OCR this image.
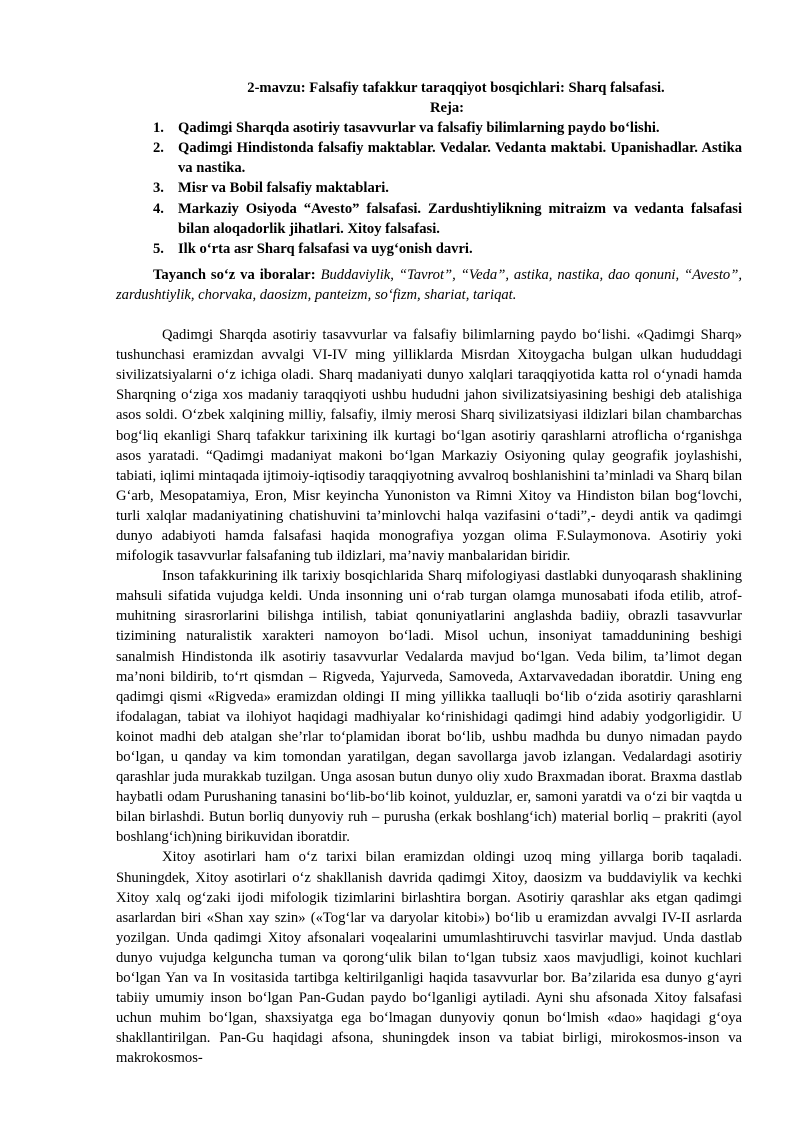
2-mavzu: Falsafiy tafakkur taraqqiyot bosqichlari: Sharq falsafasi.
Reja:
1. Qadimgi Sharqda asotiriy tasavvurlar va falsafiy bilimlarning paydo bo‘lishi.
2. Qadimgi Hindistonda falsafiy maktablar. Vedalar. Vedanta maktabi. Upanishadlar. Astika va nastika.
3. Misr va Bobil falsafiy maktablari.
4. Markaziy Osiyoda “Avesto” falsafasi. Zardushtiylikning mitraizm va vedanta falsafasi bilan aloqadorlik jihatlari. Xitoy falsafasi.
5. Ilk o‘rta asr Sharq falsafasi va uyg‘onish davri.
Tayanch so‘z va iboralar: Buddaviylik, “Tavrot”, “Veda”, astika, nastika, dao qonuni, “Avesto”, zardushtiylik, chorvaka, daosizm, panteizm, so‘fizm, shariat, tariqat.

Qadimgi Sharqda asotiriy tasavvurlar va falsafiy bilimlarning paydo bo‘lishi. «Qadimgi Sharq» tushunchasi eramizdan avvalgi VI-IV ming yilliklarda Misrdan Xitoygacha bulgan ulkan hududdagi sivilizatsiyalarni o‘z ichiga oladi. Sharq madaniyati dunyo xalqlari taraqqiyotida katta rol o‘ynadi hamda Sharqning o‘ziga xos madaniy taraqqiyoti ushbu hududni jahon sivilizatsiyasining beshigi deb atalishiga asos soldi. O‘zbek xalqining milliy, falsafiy, ilmiy merosi Sharq sivilizatsiyasi ildizlari bilan chambarchas bog‘liq ekanligi Sharq tafakkur tarixining ilk kurtagi bo‘lgan asotiriy qarashlarni atroflicha o‘rganishga asos yaratadi. “Qadimgi madaniyat makoni bo‘lgan Markaziy Osiyoning qulay geografik joylashishi, tabiati, iqlimi mintaqada ijtimoiy-iqtisodiy taraqqiyotning avvalroq boshlanishini ta’minladi va Sharq bilan G‘arb, Mesopatamiya, Eron, Misr keyincha Yunoniston va Rimni Xitoy va Hindiston bilan bog‘lovchi, turli xalqlar madaniyatining chatishuvini ta’minlovchi halqa vazifasini o‘tadi”,- deydi antik va qadimgi dunyo adabiyoti hamda falsafasi haqida monografiya yozgan olima F.Sulaymonova. Asotiriy yoki mifologik tasavvurlar falsafaning tub ildizlari, ma’naviy manbalaridan biridir.

Inson tafakkurining ilk tarixiy bosqichlarida Sharq mifologiyasi dastlabki dunyoqarash shaklining mahsuli sifatida vujudga keldi. Unda insonning uni o‘rab turgan olamga munosabati ifoda etilib, atrof-muhitning sirasrorlarini bilishga intilish, tabiat qonuniyatlarini anglashda badiiy, obrazli tasavvurlar tizimining naturalistik xarakteri namoyon bo‘ladi. Misol uchun, insoniyat tamaddunining beshigi sanalmish Hindistonda ilk asotiriy tasavvurlar Vedalarda mavjud bo‘lgan. Veda bilim, ta’limot degan ma’noni bildirib, to‘rt qismdan – Rigveda, Yajurveda, Samoveda, Axtarvavedadan iboratdir. Uning eng qadimgi qismi «Rigveda» eramizdan oldingi II ming yillikka taalluqli bo‘lib o‘zida asotiriy qarashlarni ifodalagan, tabiat va ilohiyot haqidagi madhiyalar ko‘rinishidagi qadimgi hind adabiy yodgorligidir. U koinot madhi deb atalgan she’rlar to‘plamidan iborat bo‘lib, ushbu madhda bu dunyo nimadan paydo bo‘lgan, u qanday va kim tomondan yaratilgan, degan savollarga javob izlangan. Vedalardagi asotiriy qarashlar juda murakkab tuzilgan. Unga asosan butun dunyo oliy xudo Braxmadan iborat. Braxma dastlab haybatli odam Purushaning tanasini bo‘lib-bo‘lib koinot, yulduzlar, er, samoni yaratdi va o‘zi bir vaqtda u bilan birlashdi. Butun borliq dunyoviy ruh – purusha (erkak boshlang‘ich) material borliq – prakriti (ayol boshlang‘ich)ning birikuvidan iboratdir.

Xitoy asotirlari ham o‘z tarixi bilan eramizdan oldingi uzoq ming yillarga borib taqaladi. Shuningdek, Xitoy asotirlari o‘z shakllanish davrida qadimgi Xitoy, daosizm va buddaviylik va kechki Xitoy xalq og‘zaki ijodi mifologik tizimlarini birlashtira borgan. Asotiriy qarashlar aks etgan qadimgi asarlardan biri «Shan xay szin» («Tog‘lar va daryolar kitobi») bo‘lib u eramizdan avvalgi IV-II asrlarda yozilgan. Unda qadimgi Xitoy afsonalari voqealarini umumlashtiruvchi tasvirlar mavjud. Unda dastlab dunyo vujudga kelguncha tuman va qorong‘ulik bilan to‘lgan tubsiz xaos mavjudligi, koinot kuchlari bo‘lgan Yan va In vositasida tartibga keltirilganligi haqida tasavvurlar bor. Ba’zilarida esa dunyo g‘ayri tabiiy umumiy inson bo‘lgan Pan-Gudan paydo bo‘lganligi aytiladi. Ayni shu afsonada Xitoy falsafasi uchun muhim bo‘lgan, shaxsiyatga ega bo‘lmagan dunyoviy qonun bo‘lmish «dao» haqidagi g‘oya shakllantirilgan. Pan-Gu haqidagi afsona, shuningdek inson va tabiat birligi, mirokosmos-inson va makrokosmos-
